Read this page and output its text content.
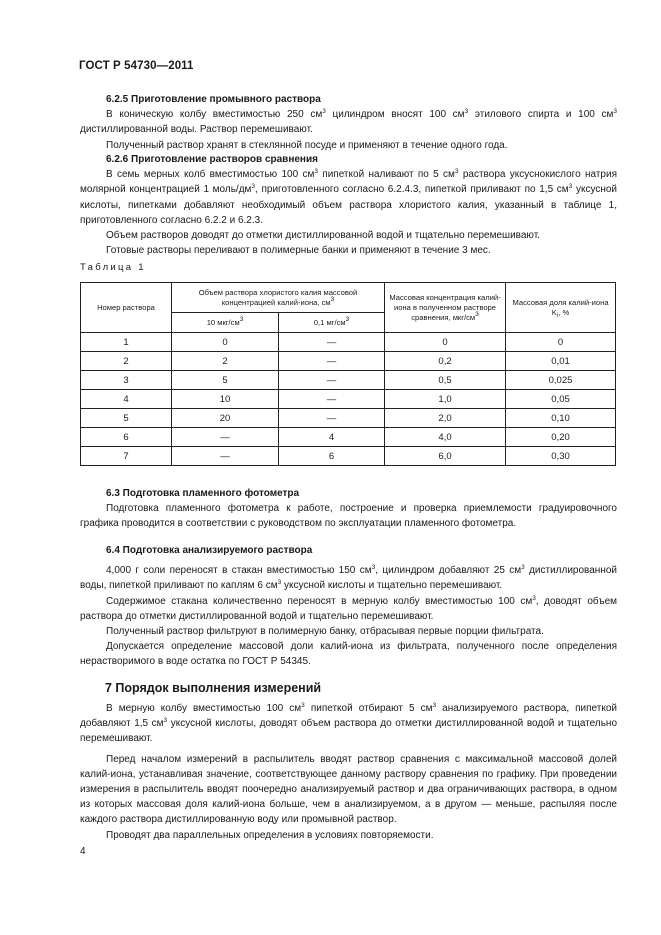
ГОСТ Р 54730—2011

6.2.5 Приготовление промывного раствора

В коническую колбу вместимостью 250 $см^3$ цилиндром вносят 100 $см^3$ этилового спирта и 100 $см^3$ дистиллированной воды. Раствор перемешивают.

Полученный раствор хранят в стеклянной посуде и применяют в течение одного года.

6.2.6 Приготовление растворов сравнения

В семь мерных колб вместимостью 100 $см^3$ пипеткой наливают по 5 $см^3$ раствора уксуснокислого натрия молярной концентрацией 1 моль/$дм^3$, приготовленного согласно 6.2.4.3, пипеткой приливают по 1,5 $см^3$ уксусной кислоты, пипетками добавляют необходимый объем раствора хлористого калия, указанный в таблице 1, приготовленного согласно 6.2.2 и 6.2.3.

Объем растворов доводят до отметки дистиллированной водой и тщательно перемешивают.

Готовые растворы переливают в полимерные банки и применяют в течение 3 мес.

Таблица 1
Номер раствора	Объем раствора хлористого калия массовой концентрацией калий-иона, $см^3$		Массовая концентрация калий-иона в полученном растворе сравнения, мкг/$см^3$	Массовая доля калий-иона $K_i$, %
	10 мкг/$см^3$	0,1 $мг/см^3$
1	0	—	0	0
2	2	—	0,2	0,01
3	5	—	0,5	0,025
4	10	—	1,0	0,05
5	20	—	2,0	0,10
6	—	4	4,0	0,20
7	—	6	6,0	0,30

6.3 Подготовка пламенного фотометра

Подготовка пламенного фотометра к работе, построение и проверка приемлемости градуировочного графика проводится в соответствии с руководством по эксплуатации пламенного фотометра.

6.4 Подготовка анализируемого раствора

4,000 г соли переносят в стакан вместимостью 150 $см^3$, цилиндром добавляют 25 $см^3$ дистиллированной воды, пипеткой приливают по каплям 6 $см^3$ уксусной кислоты и тщательно перемешивают.

Содержимое стакана количественно переносят в мерную колбу вместимостью 100 $см^3$, доводят объем раствора до отметки дистиллированной водой и тщательно перемешивают.

Полученный раствор фильтруют в полимерную банку, отбрасывая первые порции фильтрата.

Допускается определение массовой доли калий-иона из фильтрата, полученного после определения нерастворимого в воде остатка по ГОСТ Р 54345.

7 Порядок выполнения измерений

В мерную колбу вместимостью 100 $см^3$ пипеткой отбирают 5 $см^3$ анализируемого раствора, пипеткой добавляют 1,5 $см^3$ уксусной кислоты, доводят объем раствора до отметки дистиллированной водой и тщательно перемешивают.

Перед началом измерений в распылитель вводят раствор сравнения с максимальной массовой долей калий-иона, устанавливая значение, соответствующее данному раствору сравнения по графику. При проведении измерения в распылитель вводят поочередно анализируемый раствор и два ограничивающих раствора, в одном из которых массовая доля калий-иона больше, чем в анализируемом, а в другом — меньше, распыляя после каждого раствора дистиллированную воду или промывной раствор.

Проводят два параллельных определения в условиях повторяемости.

4
